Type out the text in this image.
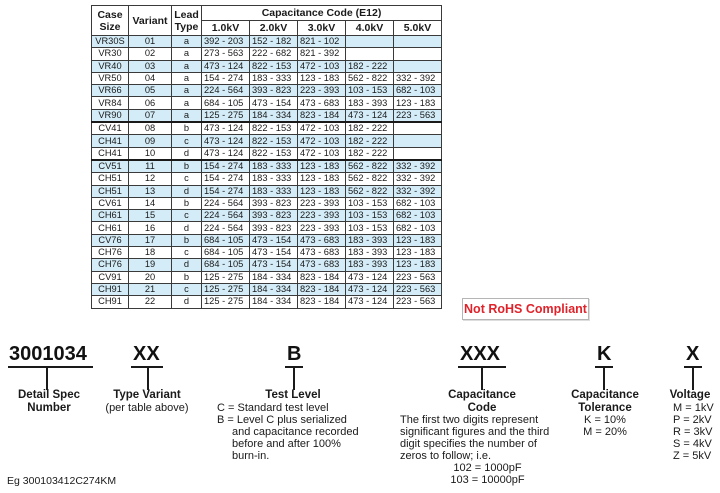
Case Size	Variant	Lead Type	Capacitance Code (E12)				
			1.0kV	2.0kV	3.0kV	4.0kV	5.0kV
VR30S	01	a	392 - 203	152 - 182	821 - 102		
VR30	02	a	273 - 563	222 - 682	821 - 392		
VR40	03	a	473 - 124	822 - 153	472 - 103	182 - 222	
VR50	04	a	154 - 274	183 - 333	123 - 183	562 - 822	332 - 392
VR66	05	a	224 - 564	393 - 823	223 - 393	103 - 153	682 - 103
VR84	06	a	684 - 105	473 - 154	473 - 683	183 - 393	123 - 183
VR90	07	a	125 - 275	184 - 334	823 - 184	473 - 124	223 - 563
CV41	08	b	473 - 124	822 - 153	472 - 103	182 - 222	
CH41	09	c	473 - 124	822 - 153	472 - 103	182 - 222	
CH41	10	d	473 - 124	822 - 153	472 - 103	182 - 222	
CV51	11	b	154 - 274	183 - 333	123 - 183	562 - 822	332 - 392
CH51	12	c	154 - 274	183 - 333	123 - 183	562 - 822	332 - 392
CH51	13	d	154 - 274	183 - 333	123 - 183	562 - 822	332 - 392
CV61	14	b	224 - 564	393 - 823	223 - 393	103 - 153	682 - 103
CH61	15	c	224 - 564	393 - 823	223 - 393	103 - 153	682 - 103
CH61	16	d	224 - 564	393 - 823	223 - 393	103 - 153	682 - 103
CV76	17	b	684 - 105	473 - 154	473 - 683	183 - 393	123 - 183
CH76	18	c	684 - 105	473 - 154	473 - 683	183 - 393	123 - 183
CH76	19	d	684 - 105	473 - 154	473 - 683	183 - 393	123 - 183
CV91	20	b	125 - 275	184 - 334	823 - 184	473 - 124	223 - 563
CH91	21	c	125 - 275	184 - 334	823 - 184	473 - 124	223 - 563
CH91	22	d	125 - 275	184 - 334	823 - 184	473 - 124	223 - 563
Not RoHS Compliant
3001034 XX	B	XXX	K	X
Detail Spec
Number
Type Variant
(per table above)
Test Level
C = Standard test level
B = Level C plus serialized
and capacitance recorded
before and after 100%
burn-in.
Capacitance
Code
The first two digits represent
significant figures and the third
digit specifies the number of
zeros to follow; i.e.
102 = 1000pF
103 = 10000pF
Capacitance
Tolerance
K = 10%
M = 20%
Voltage
M = 1kV
P = 2kV
R = 3kV
S = 4kV
Z = 5kV
Eg 300103412C274KM
